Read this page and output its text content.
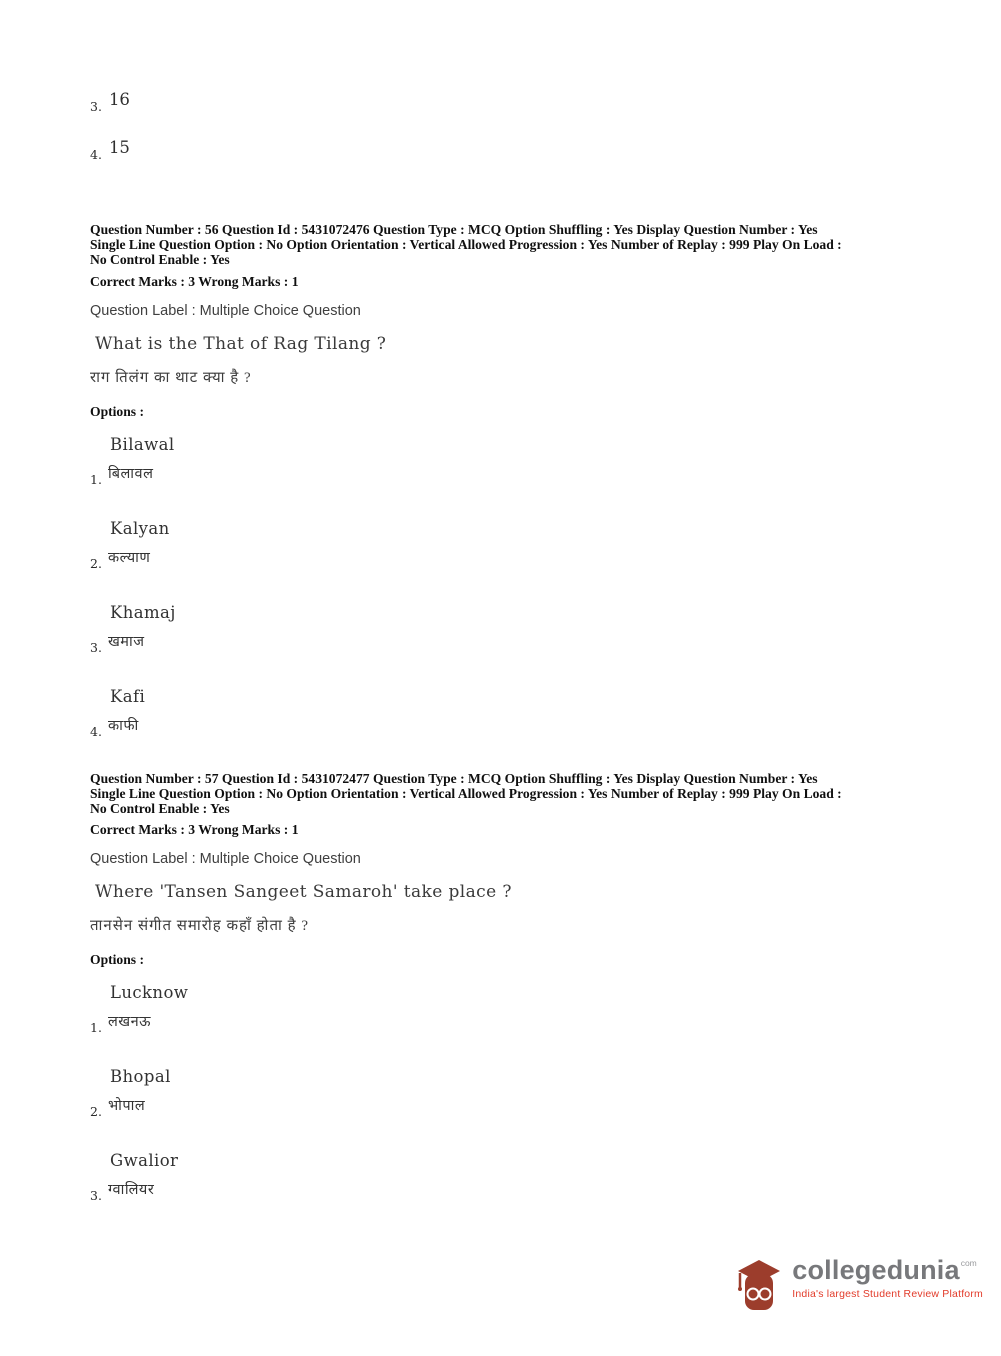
3. 16
4. 15
Question Number : 56 Question Id : 5431072476 Question Type : MCQ Option Shuffling : Yes Display Question Number : Yes
Single Line Question Option : No Option Orientation : Vertical Allowed Progression : Yes Number of Replay : 999 Play On Load :
No Control Enable : Yes
Correct Marks : 3 Wrong Marks : 1
Question Label : Multiple Choice Question
What is the That of Rag Tilang ?
राग तिलंग का थाट क्या है ?
Options :
Bilawal
1. बिलावल
Kalyan
2. कल्याण
Khamaj
3. खमाज
Kafi
4. काफी
Question Number : 57 Question Id : 5431072477 Question Type : MCQ Option Shuffling : Yes Display Question Number : Yes
Single Line Question Option : No Option Orientation : Vertical Allowed Progression : Yes Number of Replay : 999 Play On Load :
No Control Enable : Yes
Correct Marks : 3 Wrong Marks : 1
Question Label : Multiple Choice Question
Where 'Tansen Sangeet Samaroh' take place ?
तानसेन संगीत समारोह कहाँ होता है ?
Options :
Lucknow
1. लखनऊ
Bhopal
2. भोपाल
Gwalior
3. ग्वालियर
collegedunia com
India's largest Student Review Platform
